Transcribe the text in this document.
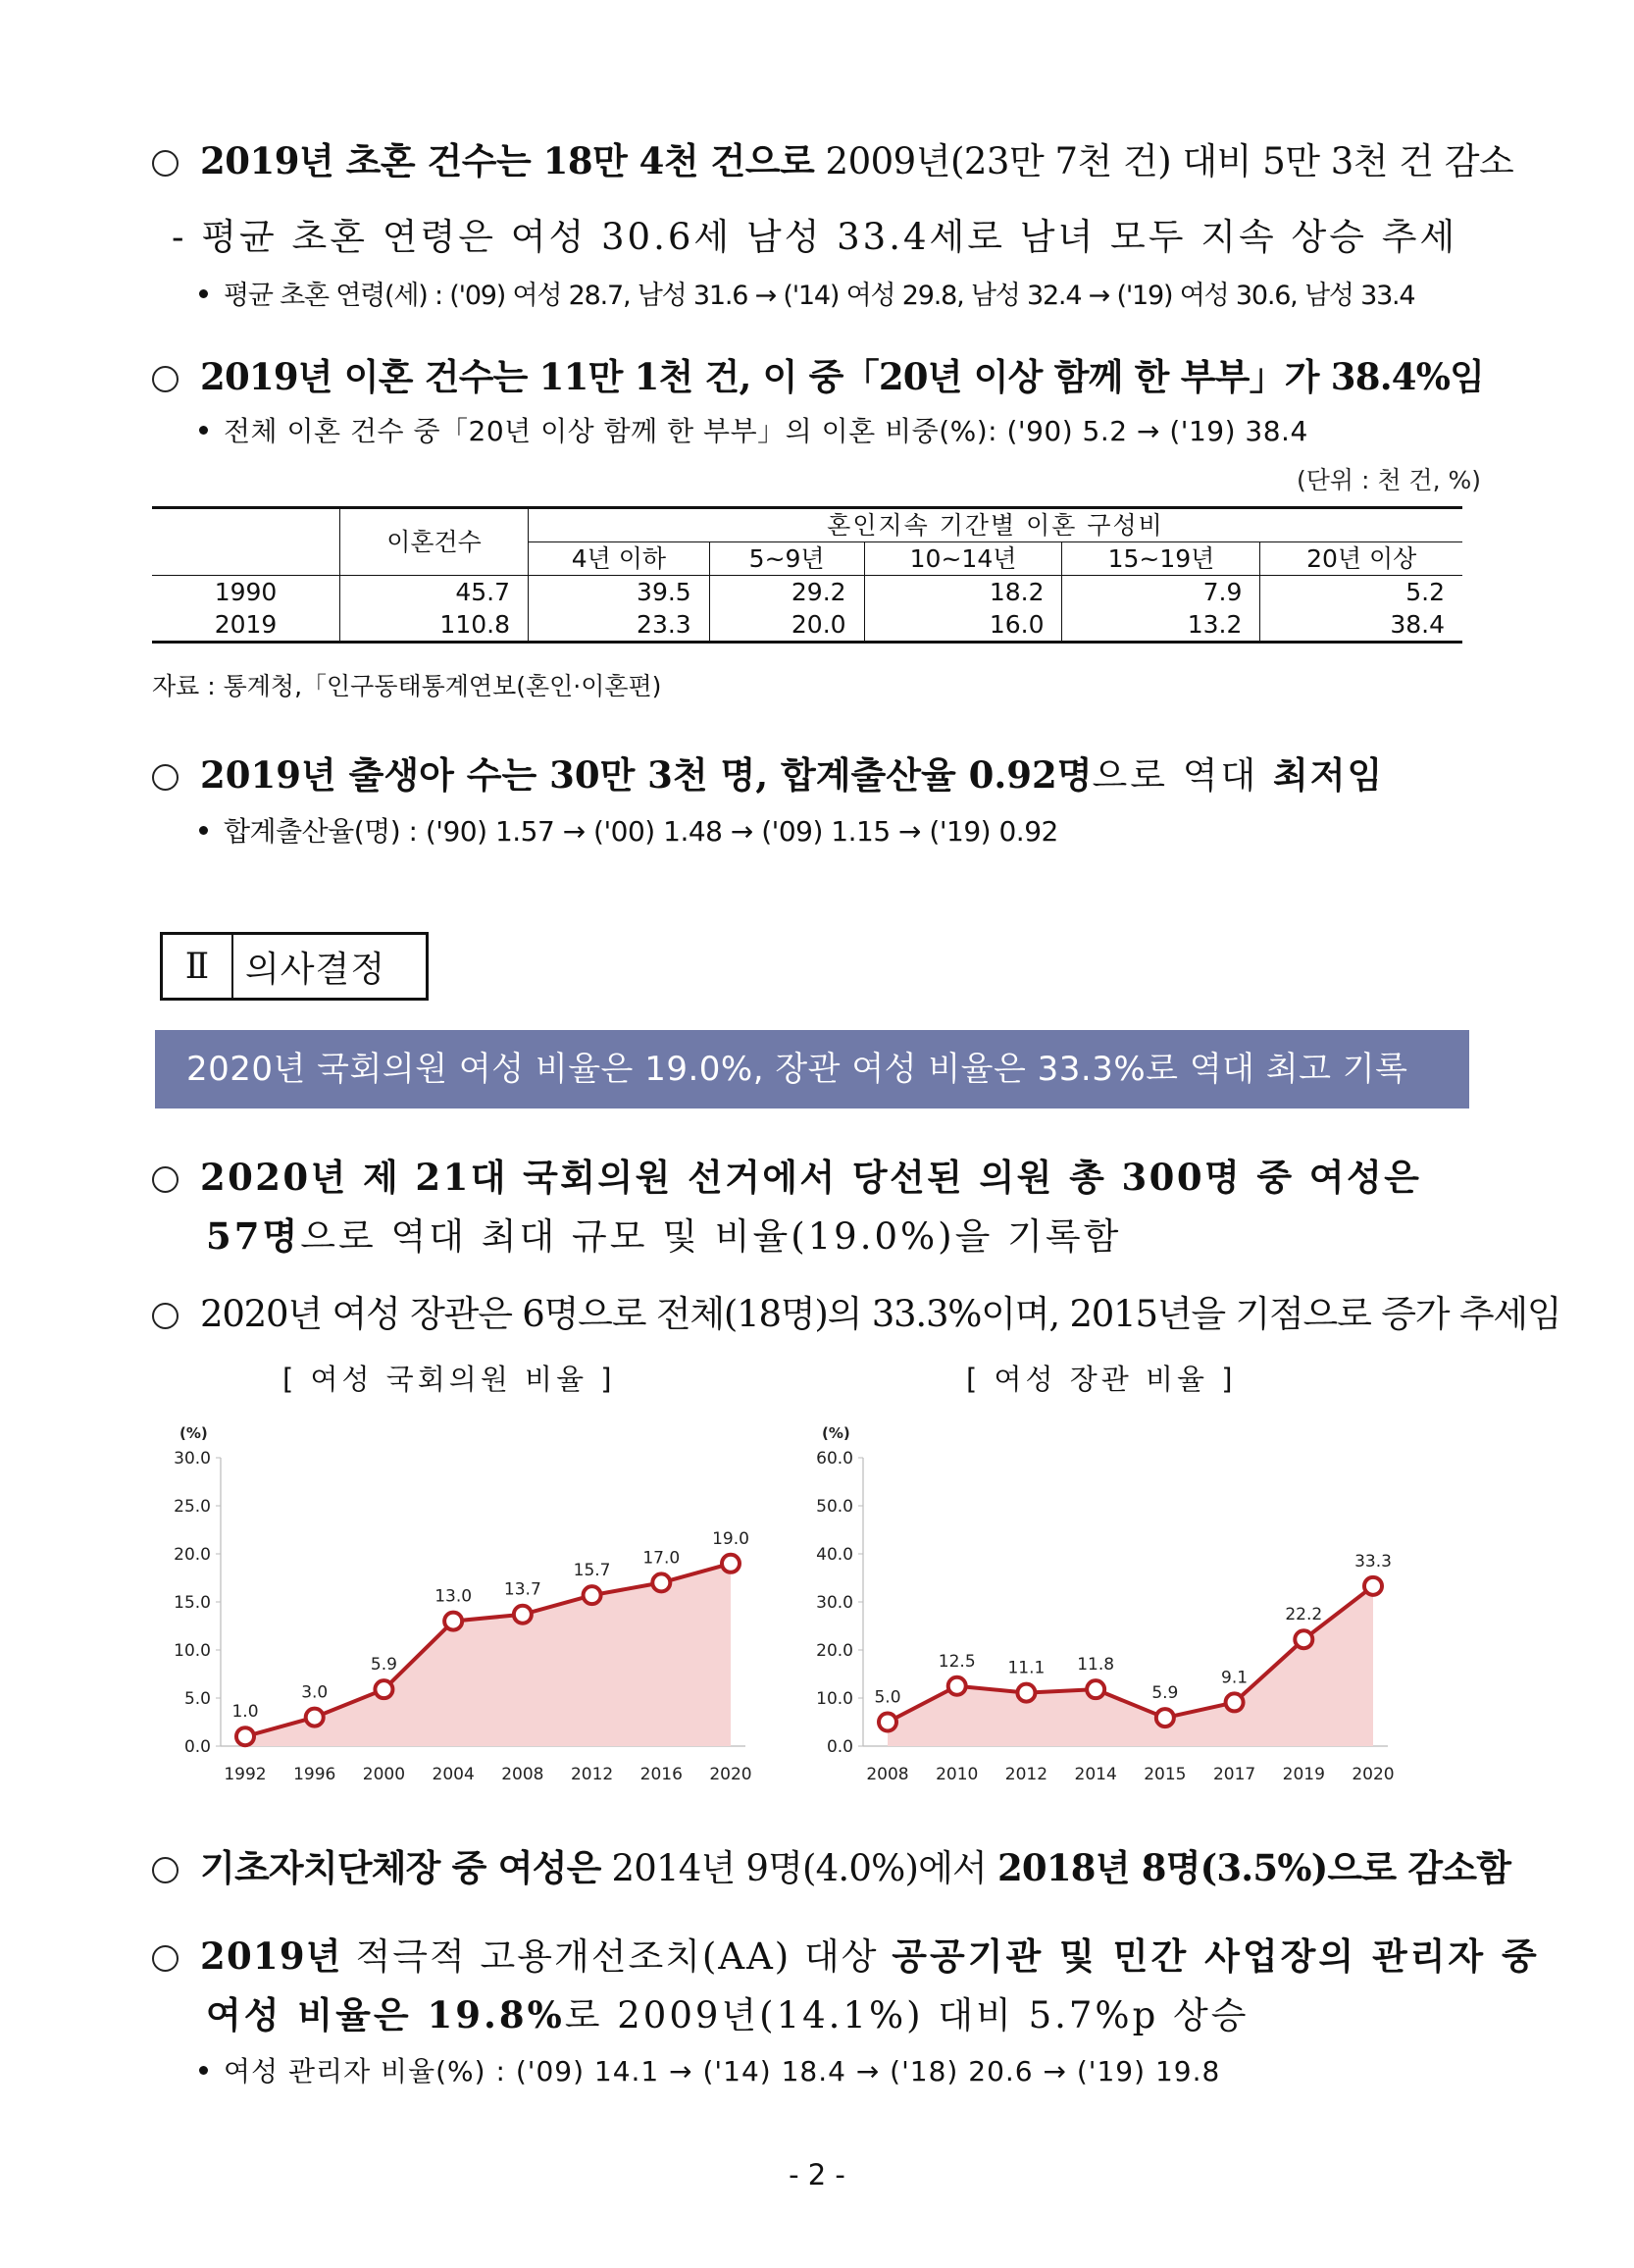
2019년 초혼 건수는 18만 4천 건으로 2009년(23만 7천 건) 대비 5만 3천 건 감소
- 평균 초혼 연령은 여성 30.6세 남성 33.4세로 남녀 모두 지속 상승 추세
평균 초혼 연령(세) : ('09) 여성 28.7, 남성 31.6 → ('14) 여성 29.8, 남성 32.4 → ('19) 여성 30.6, 남성 33.4
2019년 이혼 건수는 11만 1천 건, 이 중「20년 이상 함께 한 부부」가 38.4%임
전체 이혼 건수 중「20년 이상 함께 한 부부」의 이혼 비중(%): ('90) 5.2 → ('19) 38.4
(단위 : 천 건, %)
	이혼건수	혼인지속 기간별 이혼 구성비				
		4년 이하	5~9년	10~14년	15~19년	20년 이상
1990	45.7	39.5	29.2	18.2	7.9	5.2
2019	110.8	23.3	20.0	16.0	13.2	38.4
자료 : 통계청,「인구동태통계연보(혼인·이혼편)
2019년 출생아 수는 30만 3천 명, 합계출산율 0.92명으로 역대 최저임
합계출산율(명) : ('90) 1.57 → ('00) 1.48 → ('09) 1.15 → ('19) 0.92
Ⅱ	의사결정
2020년 국회의원 여성 비율은 19.0%, 장관 여성 비율은 33.3%로 역대 최고 기록
2020년 제 21대 국회의원 선거에서 당선된 의원 총 300명 중 여성은
57명으로 역대 최대 규모 및 비율(19.0%)을 기록함
2020년 여성 장관은 6명으로 전체(18명)의 33.3%이며, 2015년을 기점으로 증가 추세임
[ 여성 국회의원 비율 ]	[ 여성 장관 비율 ]
(%)
0.0
5.0
10.0
15.0
20.0
25.0
30.0
1.0
1992
3.0
1996
5.9
2000
13.0
2004
13.7
2008
15.7
2012
17.0
2016
19.0
2020
(%)
0.0
10.0
20.0
30.0
40.0
50.0
60.0
5.0
2008
12.5
2010
11.1
2012
11.8
2014
5.9
2015
9.1
2017
22.2
2019
33.3
2020
기초자치단체장 중 여성은 2014년 9명(4.0%)에서 2018년 8명(3.5%)으로 감소함
2019년 적극적 고용개선조치(AA) 대상 공공기관 및 민간 사업장의 관리자 중
여성 비율은 19.8%로 2009년(14.1%) 대비 5.7%p 상승
여성 관리자 비율(%) : ('09) 14.1 → ('14) 18.4 → ('18) 20.6 → ('19) 19.8
- 2 -
